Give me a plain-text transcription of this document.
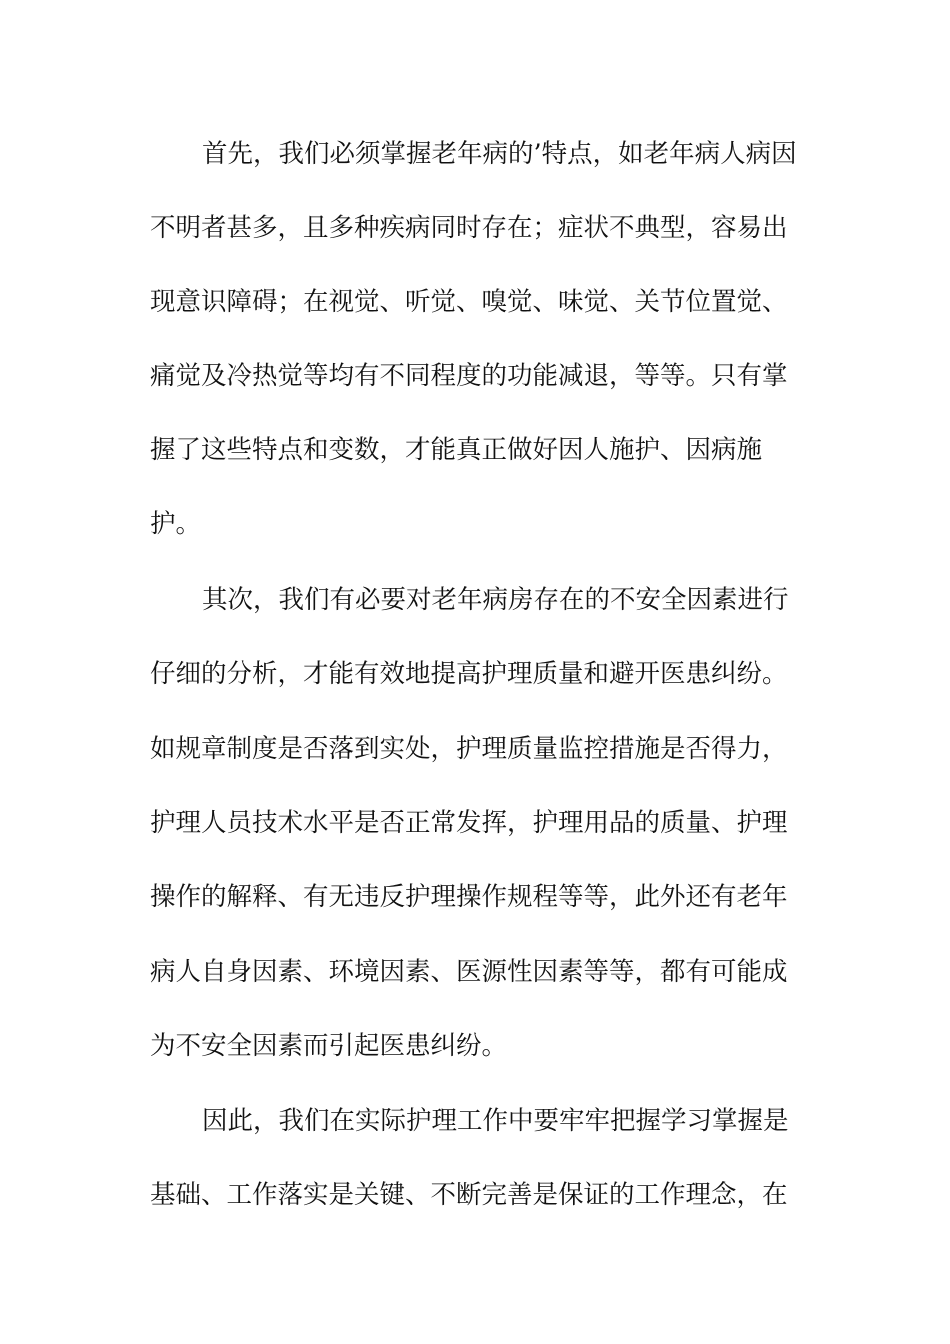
首先，我们必须掌握老年病的’特点，如老年病人病因
不明者甚多，且多种疾病同时存在；症状不典型，容易出
现意识障碍；在视觉、听觉、嗅觉、味觉、关节位置觉、
痛觉及冷热觉等均有不同程度的功能减退，等等。只有掌
握了这些特点和变数，才能真正做好因人施护、因病施
护。
其次，我们有必要对老年病房存在的不安全因素进行
仔细的分析，才能有效地提高护理质量和避开医患纠纷。
如规章制度是否落到实处，护理质量监控措施是否得力，
护理人员技术水平是否正常发挥，护理用品的质量、护理
操作的解释、有无违反护理操作规程等等，此外还有老年
病人自身因素、环境因素、医源性因素等等，都有可能成
为不安全因素而引起医患纠纷。
因此，我们在实际护理工作中要牢牢把握学习掌握是
基础、工作落实是关键、不断完善是保证的工作理念，在
